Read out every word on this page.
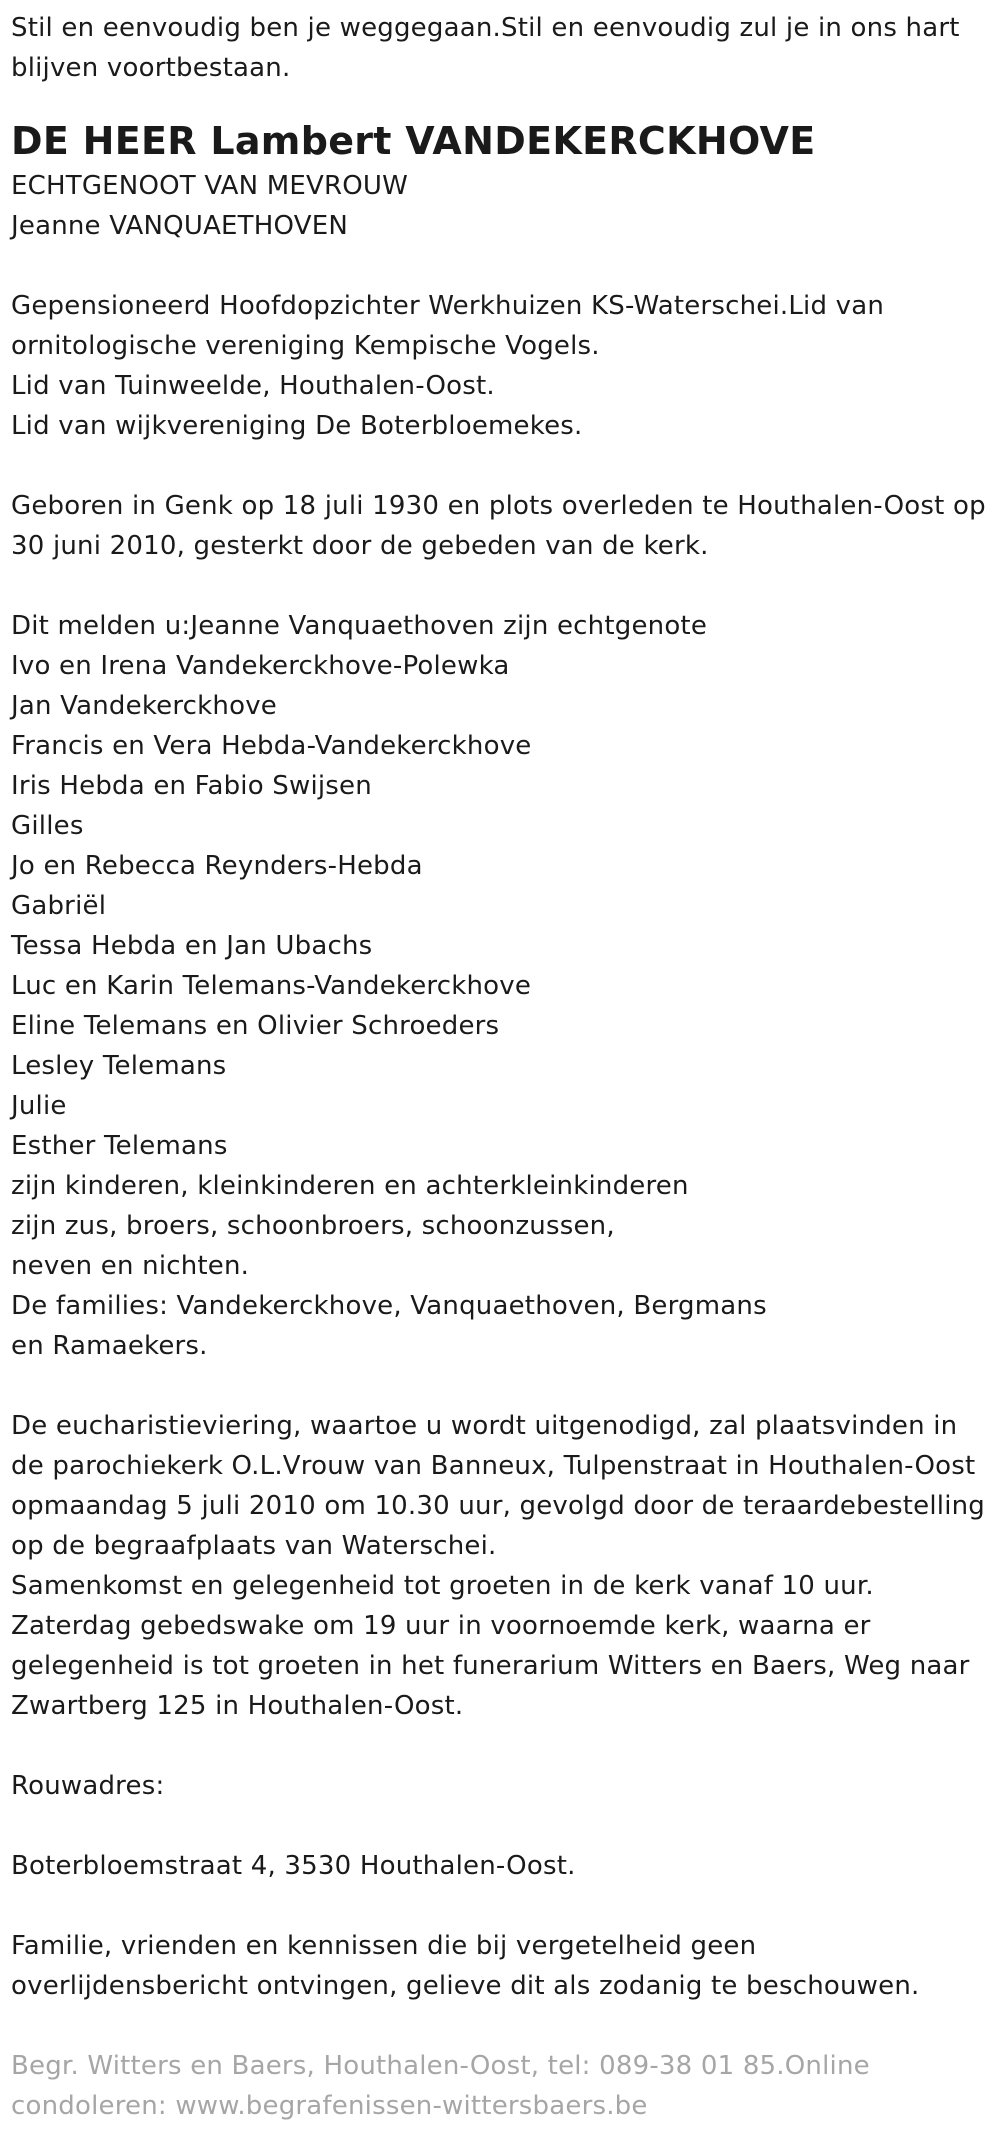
Stil en eenvoudig ben je weggegaan.Stil en eenvoudig zul je in ons hart
blijven voortbestaan.
DE HEER Lambert VANDEKERCKHOVE
ECHTGENOOT VAN MEVROUW
Jeanne VANQUAETHOVEN
Gepensioneerd Hoofdopzichter Werkhuizen KS-Waterschei.Lid van
ornitologische vereniging Kempische Vogels.
Lid van Tuinweelde, Houthalen-Oost.
Lid van wijkvereniging De Boterbloemekes.
Geboren in Genk op 18 juli 1930 en plots overleden te Houthalen-Oost op
30 juni 2010, gesterkt door de gebeden van de kerk.
Dit melden u:Jeanne Vanquaethoven zijn echtgenote
Ivo en Irena Vandekerckhove-Polewka
Jan Vandekerckhove
Francis en Vera Hebda-Vandekerckhove
Iris Hebda en Fabio Swijsen
Gilles
Jo en Rebecca Reynders-Hebda
Gabriël
Tessa Hebda en Jan Ubachs
Luc en Karin Telemans-Vandekerckhove
Eline Telemans en Olivier Schroeders
Lesley Telemans
Julie
Esther Telemans
zijn kinderen, kleinkinderen en achterkleinkinderen
zijn zus, broers, schoonbroers, schoonzussen,
neven en nichten.
De families: Vandekerckhove, Vanquaethoven, Bergmans
en Ramaekers.
De eucharistieviering, waartoe u wordt uitgenodigd, zal plaatsvinden in
de parochiekerk O.L.Vrouw van Banneux, Tulpenstraat in Houthalen-Oost
opmaandag 5 juli 2010 om 10.30 uur, gevolgd door de teraardebestelling
op de begraafplaats van Waterschei.
Samenkomst en gelegenheid tot groeten in de kerk vanaf 10 uur.
Zaterdag gebedswake om 19 uur in voornoemde kerk, waarna er
gelegenheid is tot groeten in het funerarium Witters en Baers, Weg naar
Zwartberg 125 in Houthalen-Oost.
Rouwadres:
Boterbloemstraat 4, 3530 Houthalen-Oost.
Familie, vrienden en kennissen die bij vergetelheid geen
overlijdensbericht ontvingen, gelieve dit als zodanig te beschouwen.
Begr. Witters en Baers, Houthalen-Oost, tel: 089-38 01 85.Online
condoleren: www.begrafenissen-wittersbaers.be
